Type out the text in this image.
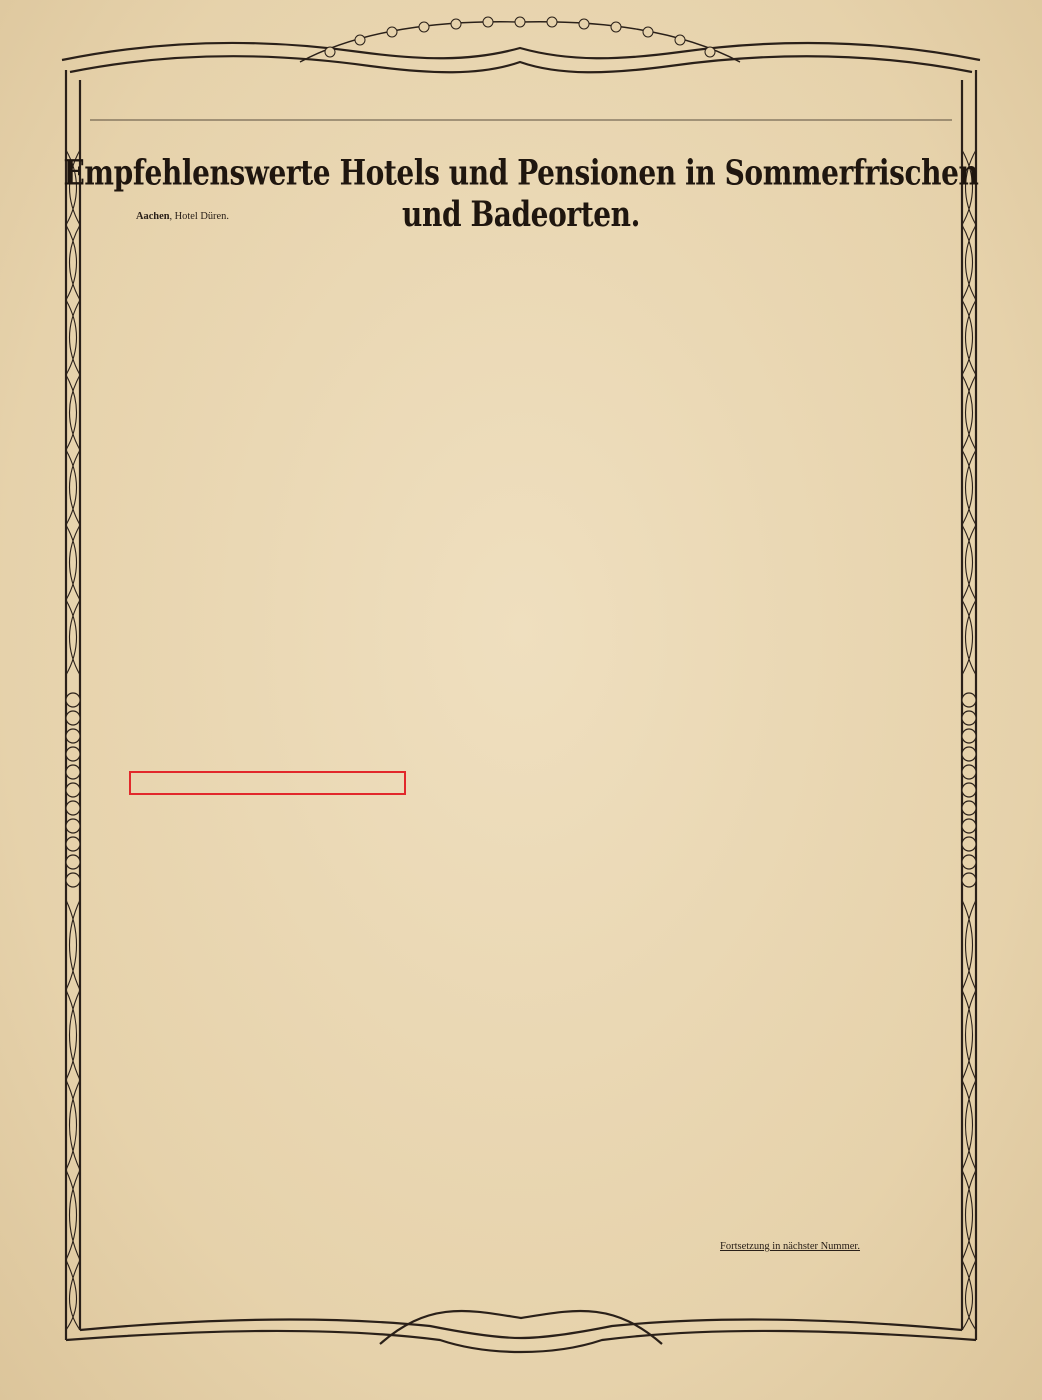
Empfehlenswerte Hotels und Pensionen in Sommerfrischen und Badeorten.
Aachen, Hotel Düren.
Fortsetzung in nächster Nummer.
